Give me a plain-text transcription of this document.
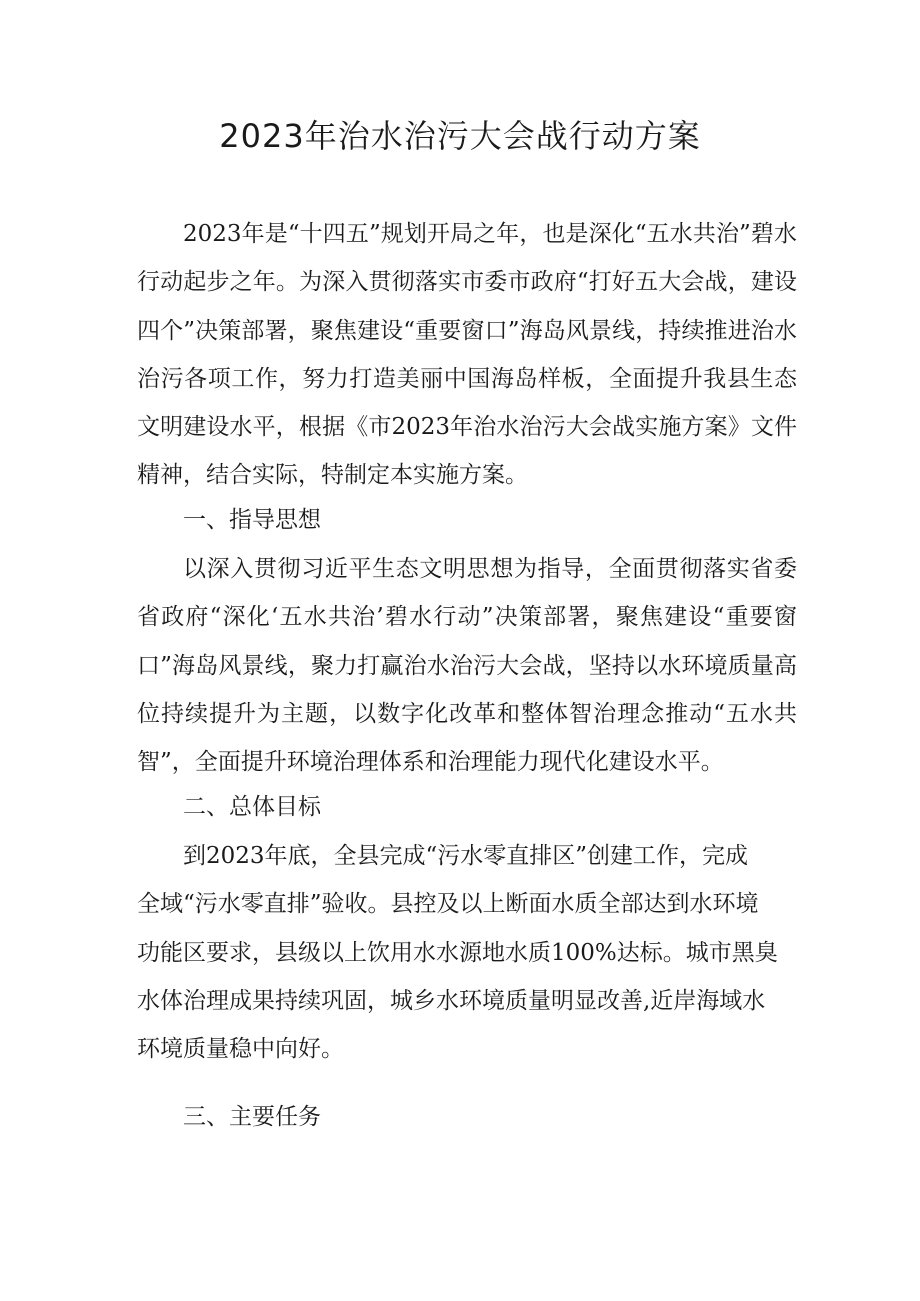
2023年治水治污大会战行动方案

2023年是“十四五”规划开局之年，也是深化“五水共治”碧水行动起步之年。为深入贯彻落实市委市政府“打好五大会战，建设四个”决策部署，聚焦建设“重要窗口”海岛风景线，持续推进治水治污各项工作，努力打造美丽中国海岛样板，全面提升我县生态文明建设水平，根据《市2023年治水治污大会战实施方案》文件精神，结合实际，特制定本实施方案。

一、指导思想

以深入贯彻习近平生态文明思想为指导，全面贯彻落实省委省政府“深化‘五水共治’碧水行动”决策部署，聚焦建设“重要窗口”海岛风景线，聚力打赢治水治污大会战，坚持以水环境质量高位持续提升为主题，以数字化改革和整体智治理念推动“五水共智”，全面提升环境治理体系和治理能力现代化建设水平。

二、总体目标
到2023年底，全县完成“污水零直排区”创建工作，完成
全域“污水零直排”验收。县控及以上断面水质全部达到水环境
功能区要求，县级以上饮用水水源地水质100%达标。城市黑臭
水体治理成果持续巩固，城乡水环境质量明显改善,近岸海域水
环境质量稳中向好。
三、主要任务
